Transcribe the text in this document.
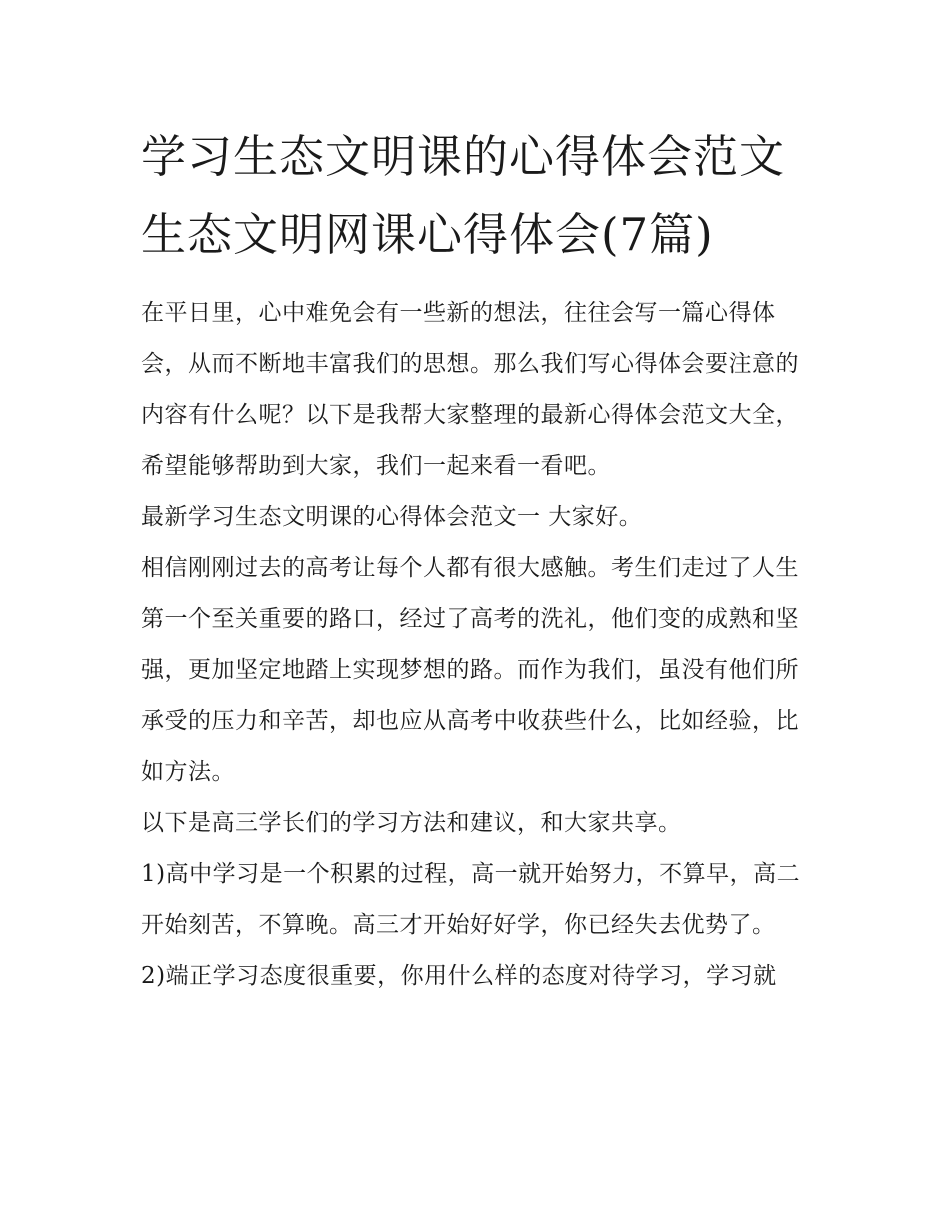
学习生态文明课的心得体会范文 生态文明网课心得体会(7篇)

在平日里，心中难免会有一些新的想法，往往会写一篇心得体会，从而不断地丰富我们的思想。那么我们写心得体会要注意的内容有什么呢？以下是我帮大家整理的最新心得体会范文大全，希望能够帮助到大家，我们一起来看一看吧。

最新学习生态文明课的心得体会范文一 大家好。

相信刚刚过去的高考让每个人都有很大感触。考生们走过了人生第一个至关重要的路口，经过了高考的洗礼，他们变的成熟和坚强，更加坚定地踏上实现梦想的路。而作为我们，虽没有他们所承受的压力和辛苦，却也应从高考中收获些什么，比如经验，比如方法。

以下是高三学长们的学习方法和建议，和大家共享。

1)高中学习是一个积累的过程，高一就开始努力，不算早，高二开始刻苦，不算晚。高三才开始好好学，你已经失去优势了。

2)端正学习态度很重要，你用什么样的态度对待学习，学习就
